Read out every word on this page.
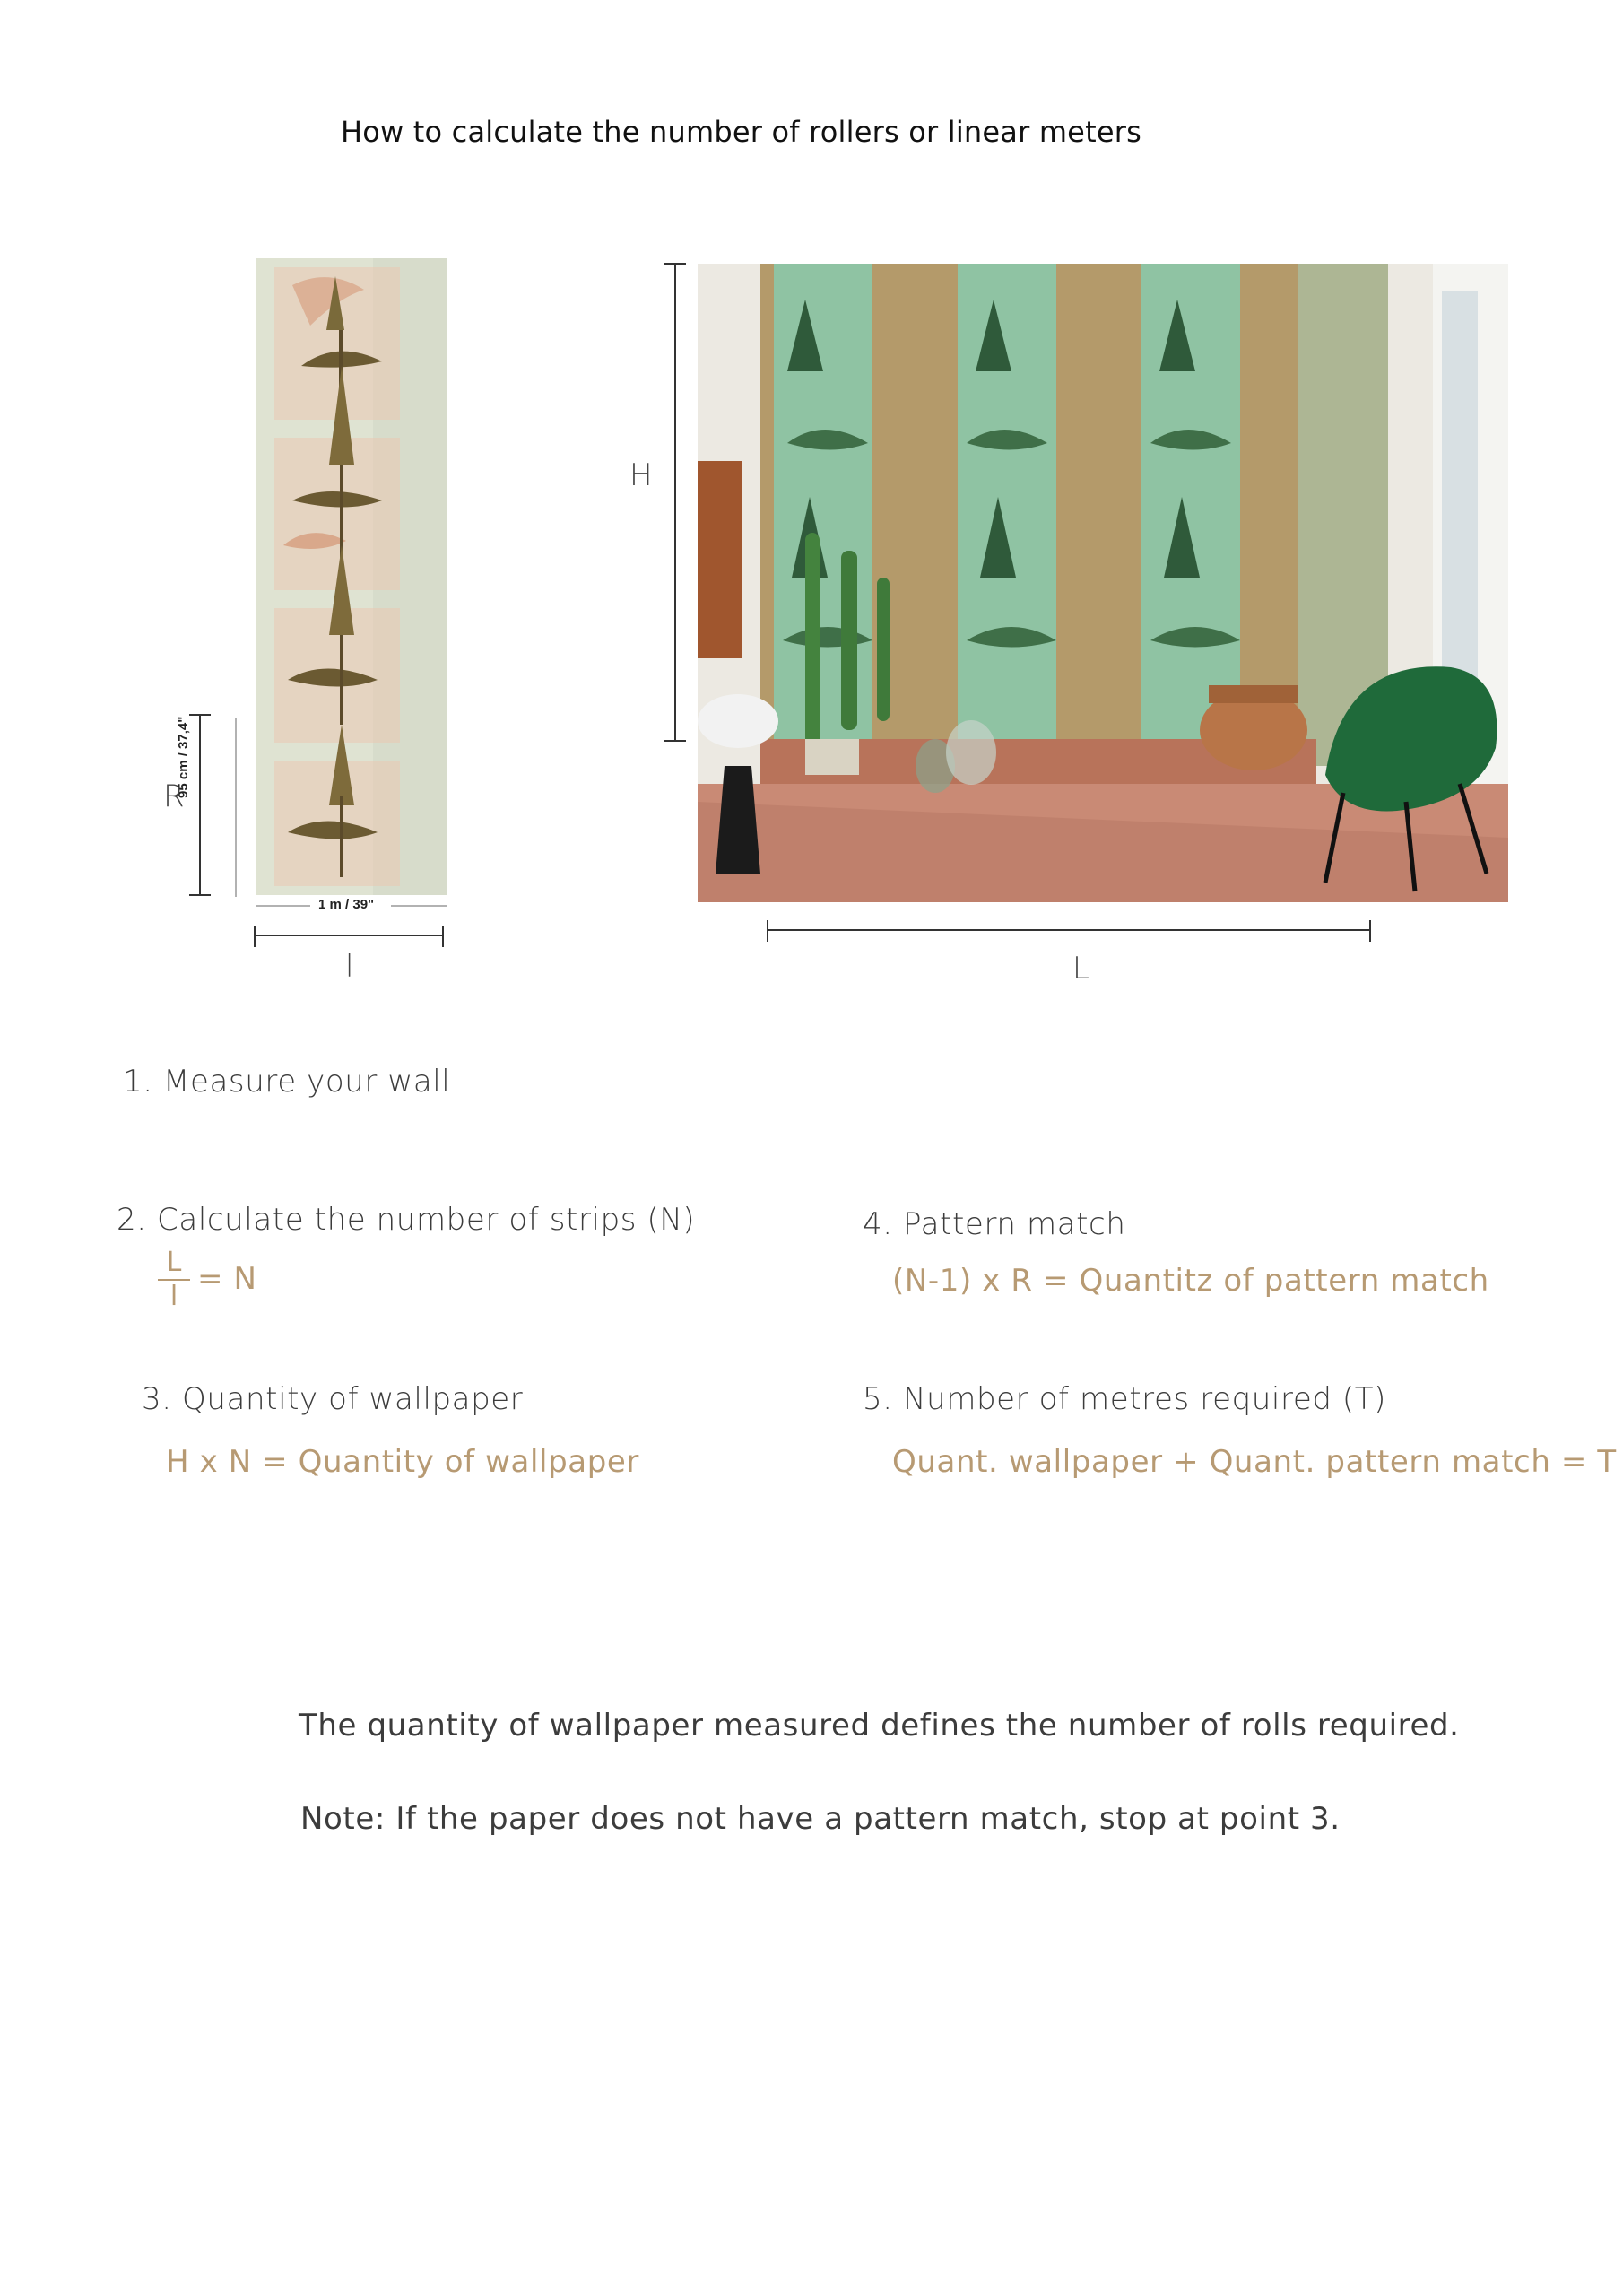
How to calculate the number of rollers or linear meters
95 cm / 37,4"
1 m / 39"
R
l
H
L
1. Measure your wall
2. Calculate the number of strips (N)
L
l = N
3. Quantity of wallpaper
H x N = Quantity of wallpaper
4. Pattern match
(N-1) x R = Quantitz of pattern match
5. Number of metres required (T)
Quant. wallpaper + Quant. pattern match = T
The quantity of wallpaper measured defines the number of rolls required.
Note: If the paper does not have a pattern match, stop at point 3.
